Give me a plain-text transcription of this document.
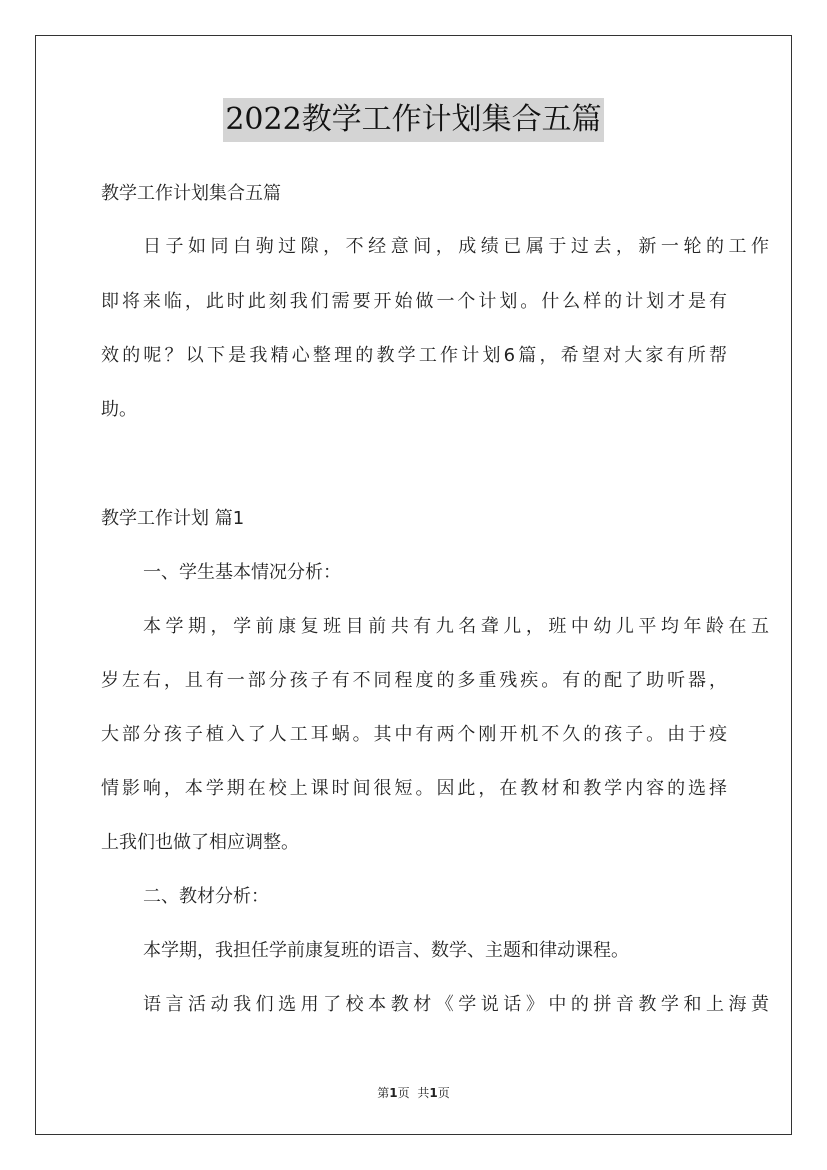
2022教学工作计划集合五篇
教学工作计划集合五篇
日子如同白驹过隙，不经意间，成绩已属于过去，新一轮的工作
即将来临，此时此刻我们需要开始做一个计划。什么样的计划才是有
效的呢？以下是我精心整理的教学工作计划6篇，希望对大家有所帮
助。
教学工作计划 篇1
一、学生基本情况分析：
本学期，学前康复班目前共有九名聋儿，班中幼儿平均年龄在五
岁左右，且有一部分孩子有不同程度的多重残疾。有的配了助听器，
大部分孩子植入了人工耳蜗。其中有两个刚开机不久的孩子。由于疫
情影响，本学期在校上课时间很短。因此，在教材和教学内容的选择
上我们也做了相应调整。
二、教材分析：
本学期，我担任学前康复班的语言、数学、主题和律动课程。
语言活动我们选用了校本教材《学说话》中的拼音教学和上海黄
第1页 共1页
